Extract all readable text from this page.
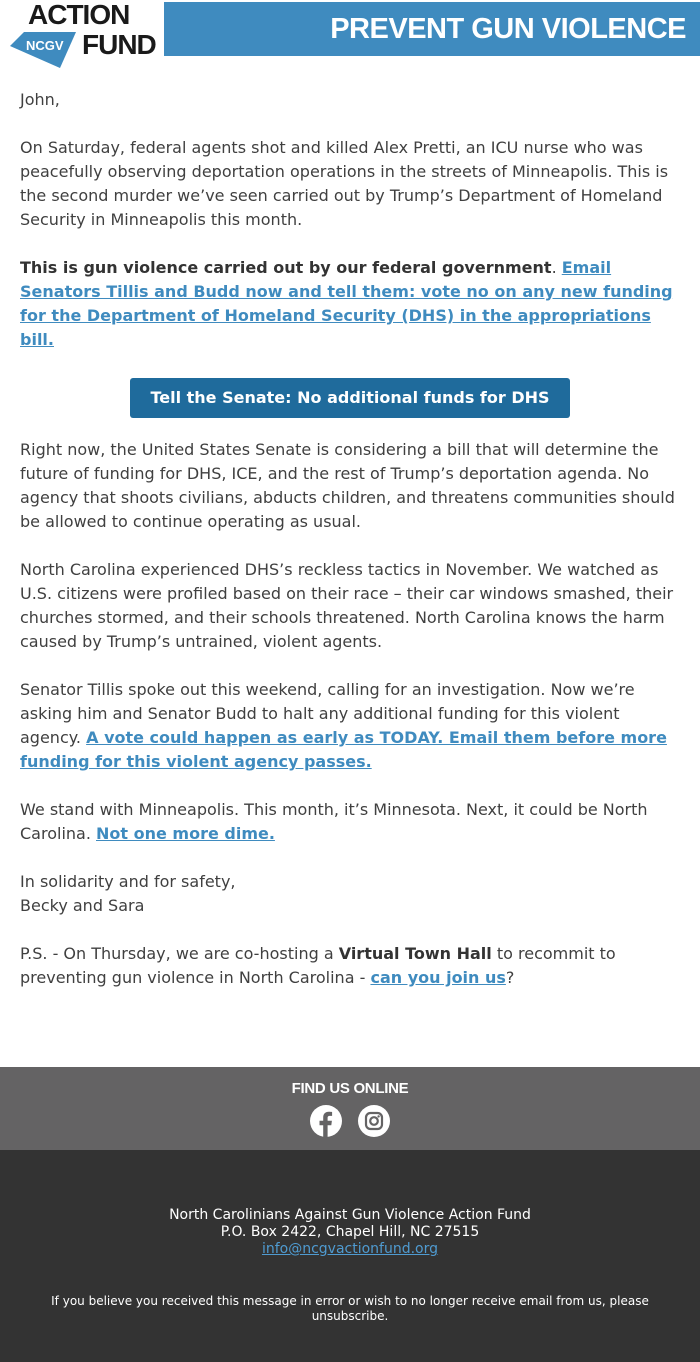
ACTION
NCGV FUND	PREVENT GUN VIOLENCE

John,

On Saturday, federal agents shot and killed Alex Pretti, an ICU nurse who was peacefully observing deportation operations in the streets of Minneapolis. This is the second murder we’ve seen carried out by Trump’s Department of Homeland Security in Minneapolis this month.

This is gun violence carried out by our federal government. Email Senators Tillis and Budd now and tell them: vote no on any new funding for the Department of Homeland Security (DHS) in the appropriations bill.

Tell the Senate: No additional funds for DHS

Right now, the United States Senate is considering a bill that will determine the future of funding for DHS, ICE, and the rest of Trump’s deportation agenda. No agency that shoots civilians, abducts children, and threatens communities should be allowed to continue operating as usual.

North Carolina experienced DHS’s reckless tactics in November. We watched as U.S. citizens were profiled based on their race – their car windows smashed, their churches stormed, and their schools threatened. North Carolina knows the harm caused by Trump’s untrained, violent agents.

Senator Tillis spoke out this weekend, calling for an investigation. Now we’re asking him and Senator Budd to halt any additional funding for this violent agency. A vote could happen as early as TODAY. Email them before more funding for this violent agency passes.

We stand with Minneapolis. This month, it’s Minnesota. Next, it could be North Carolina. Not one more dime.

In solidarity and for safety,
Becky and Sara

P.S. - On Thursday, we are co-hosting a Virtual Town Hall to recommit to preventing gun violence in North Carolina - can you join us?

FIND US ONLINE
North Carolinians Against Gun Violence Action Fund
P.O. Box 2422, Chapel Hill, NC 27515
info@ncgvactionfund.org
If you believe you received this message in error or wish to no longer receive email from us, please unsubscribe.
